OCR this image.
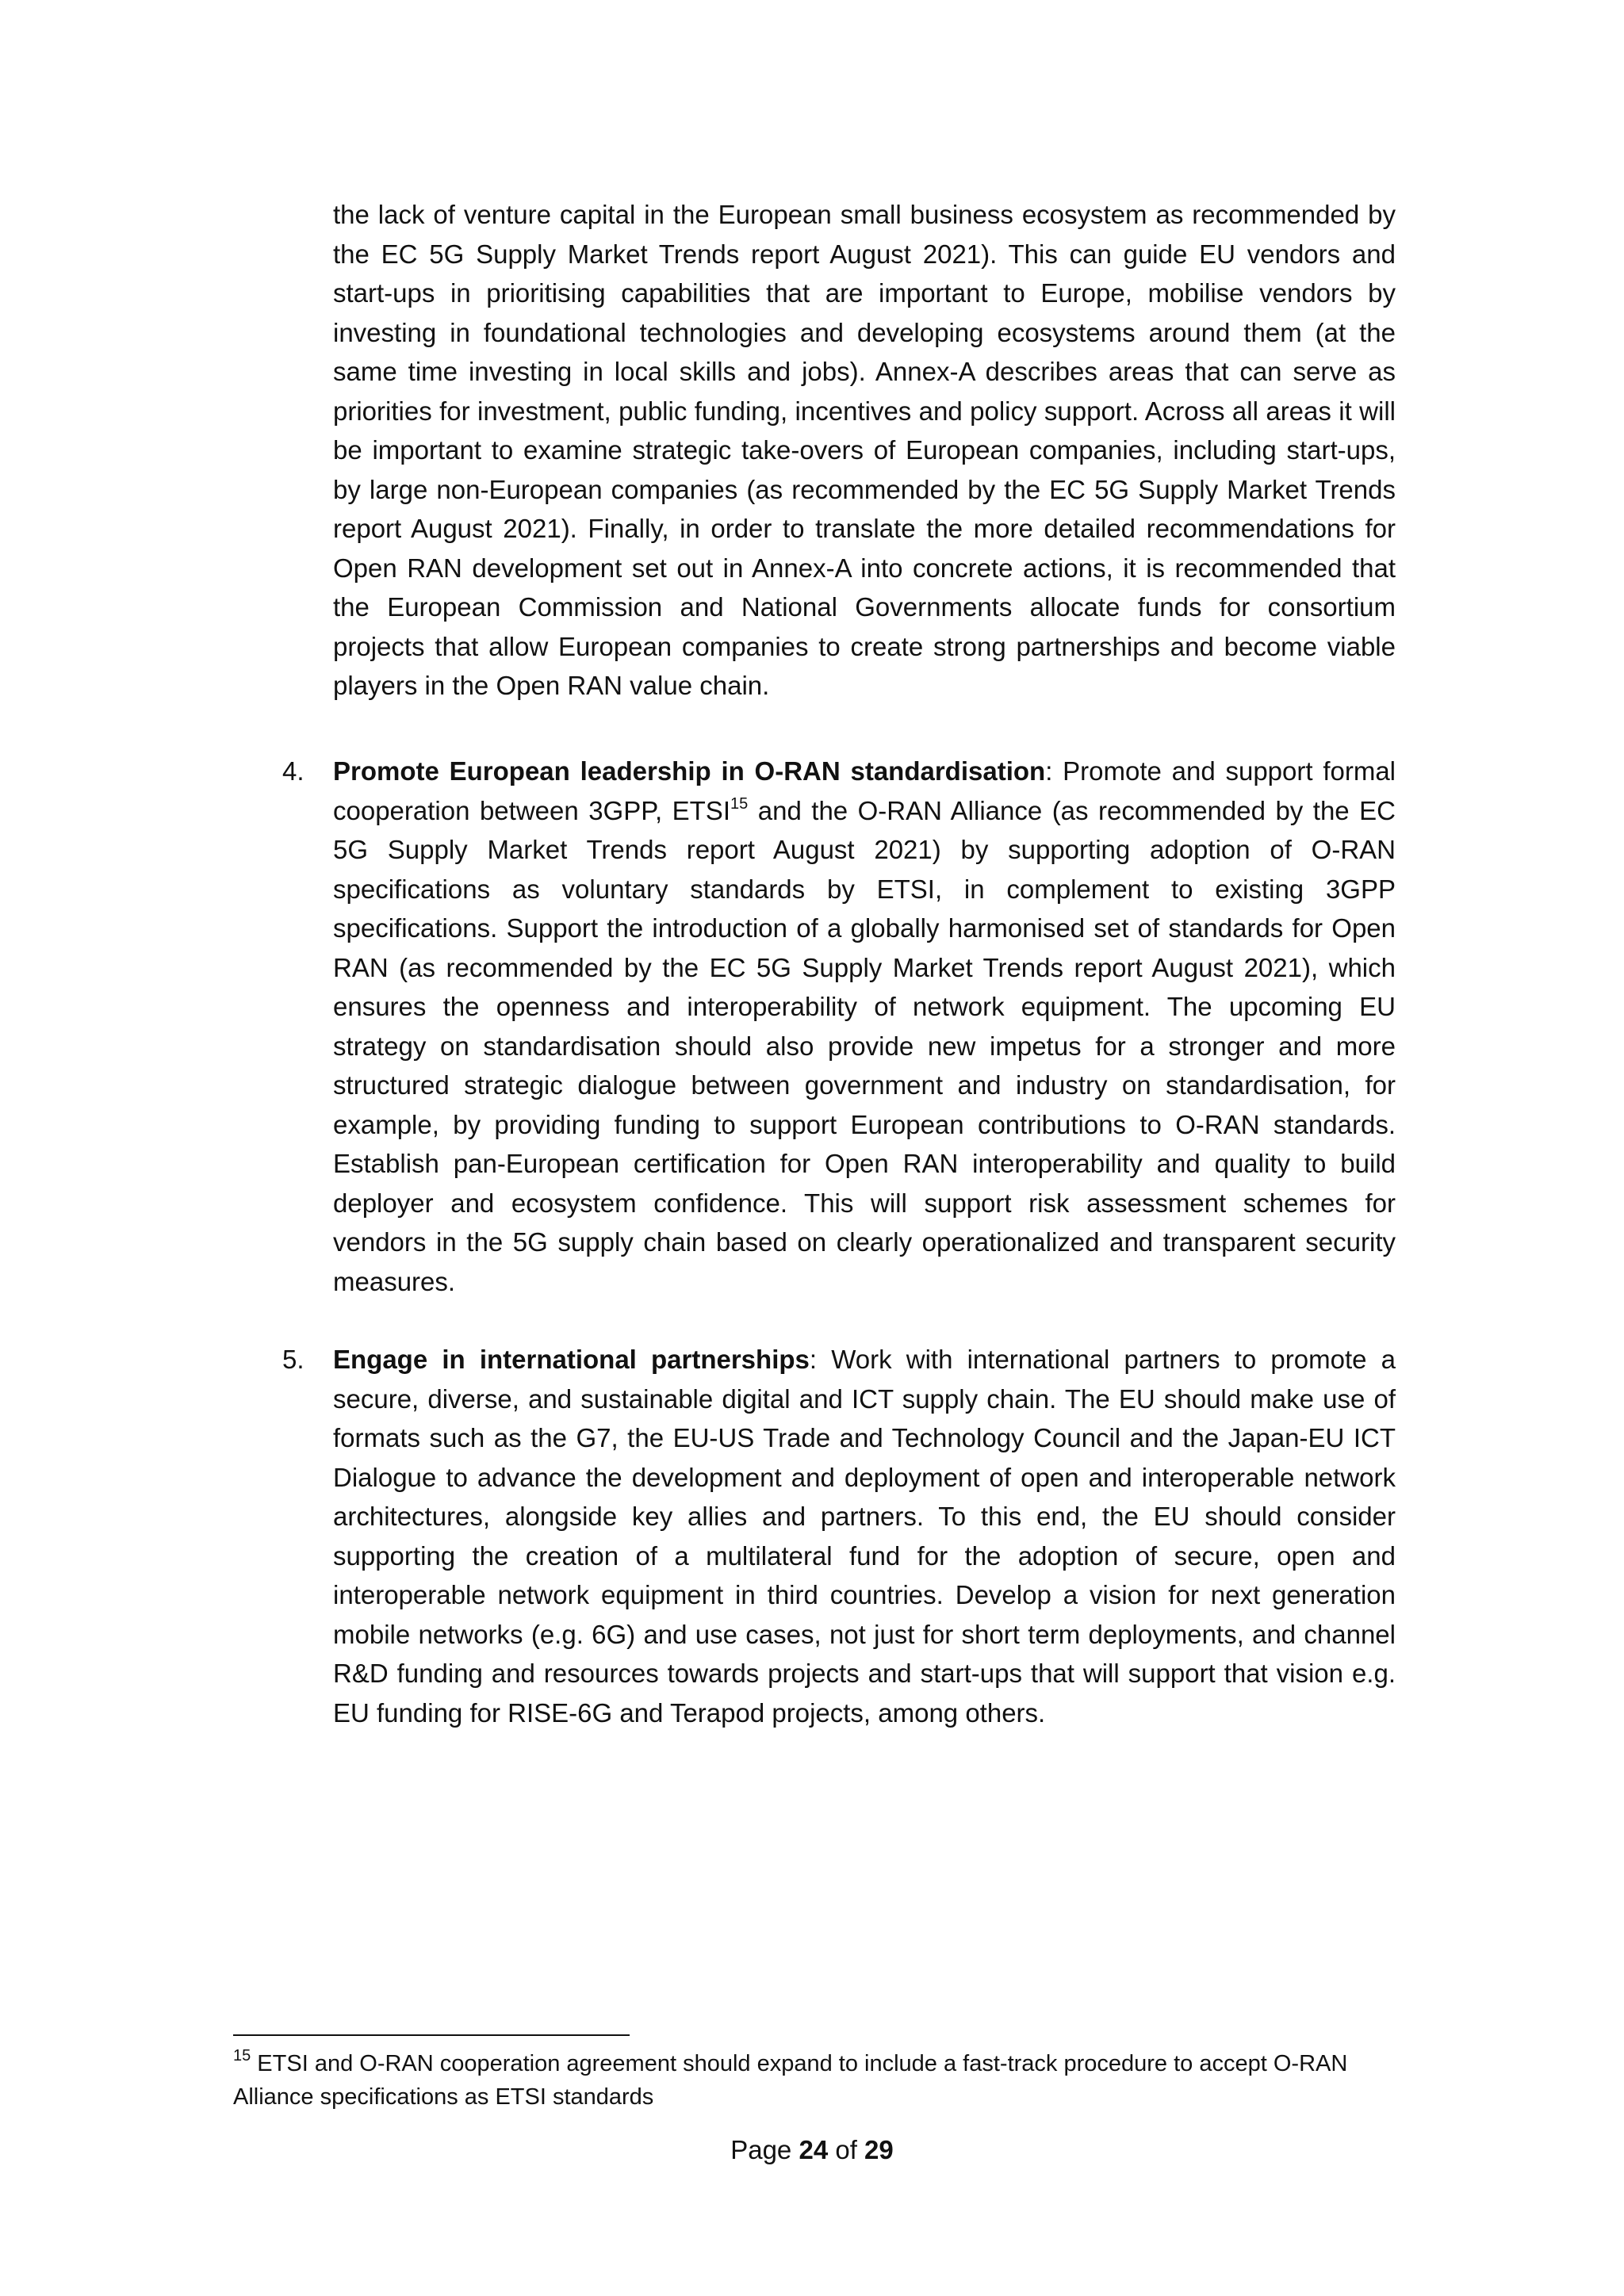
the lack of venture capital in the European small business ecosystem as recommended by the EC 5G Supply Market Trends report August 2021). This can guide EU vendors and start-ups in prioritising capabilities that are important to Europe, mobilise vendors by investing in foundational technologies and developing ecosystems around them (at the same time investing in local skills and jobs). Annex-A describes areas that can serve as priorities for investment, public funding, incentives and policy support. Across all areas it will be important to examine strategic take-overs of European companies, including start-ups, by large non-European companies (as recommended by the EC 5G Supply Market Trends report August 2021). Finally, in order to translate the more detailed recommendations for Open RAN development set out in Annex-A into concrete actions, it is recommended that the European Commission and National Governments allocate funds for consortium projects that allow European companies to create strong partnerships and become viable players in the Open RAN value chain.

4. Promote European leadership in O-RAN standardisation: Promote and support formal cooperation between 3GPP, ETSI$^{15}$ and the O-RAN Alliance (as recommended by the EC 5G Supply Market Trends report August 2021) by supporting adoption of O-RAN specifications as voluntary standards by ETSI, in complement to existing 3GPP specifications. Support the introduction of a globally harmonised set of standards for Open RAN (as recommended by the EC 5G Supply Market Trends report August 2021), which ensures the openness and interoperability of network equipment. The upcoming EU strategy on standardisation should also provide new impetus for a stronger and more structured strategic dialogue between government and industry on standardisation, for example, by providing funding to support European contributions to O-RAN standards. Establish pan-European certification for Open RAN interoperability and quality to build deployer and ecosystem confidence. This will support risk assessment schemes for vendors in the 5G supply chain based on clearly operationalized and transparent security measures.

5. Engage in international partnerships: Work with international partners to promote a secure, diverse, and sustainable digital and ICT supply chain. The EU should make use of formats such as the G7, the EU-US Trade and Technology Council and the Japan-EU ICT Dialogue to advance the development and deployment of open and interoperable network architectures, alongside key allies and partners. To this end, the EU should consider supporting the creation of a multilateral fund for the adoption of secure, open and interoperable network equipment in third countries. Develop a vision for next generation mobile networks (e.g. 6G) and use cases, not just for short term deployments, and channel R&D funding and resources towards projects and start-ups that will support that vision e.g. EU funding for RISE-6G and Terapod projects, among others.

$^{15}$ ETSI and O-RAN cooperation agreement should expand to include a fast-track procedure to accept O-RAN Alliance specifications as ETSI standards

Page 24 of 29
